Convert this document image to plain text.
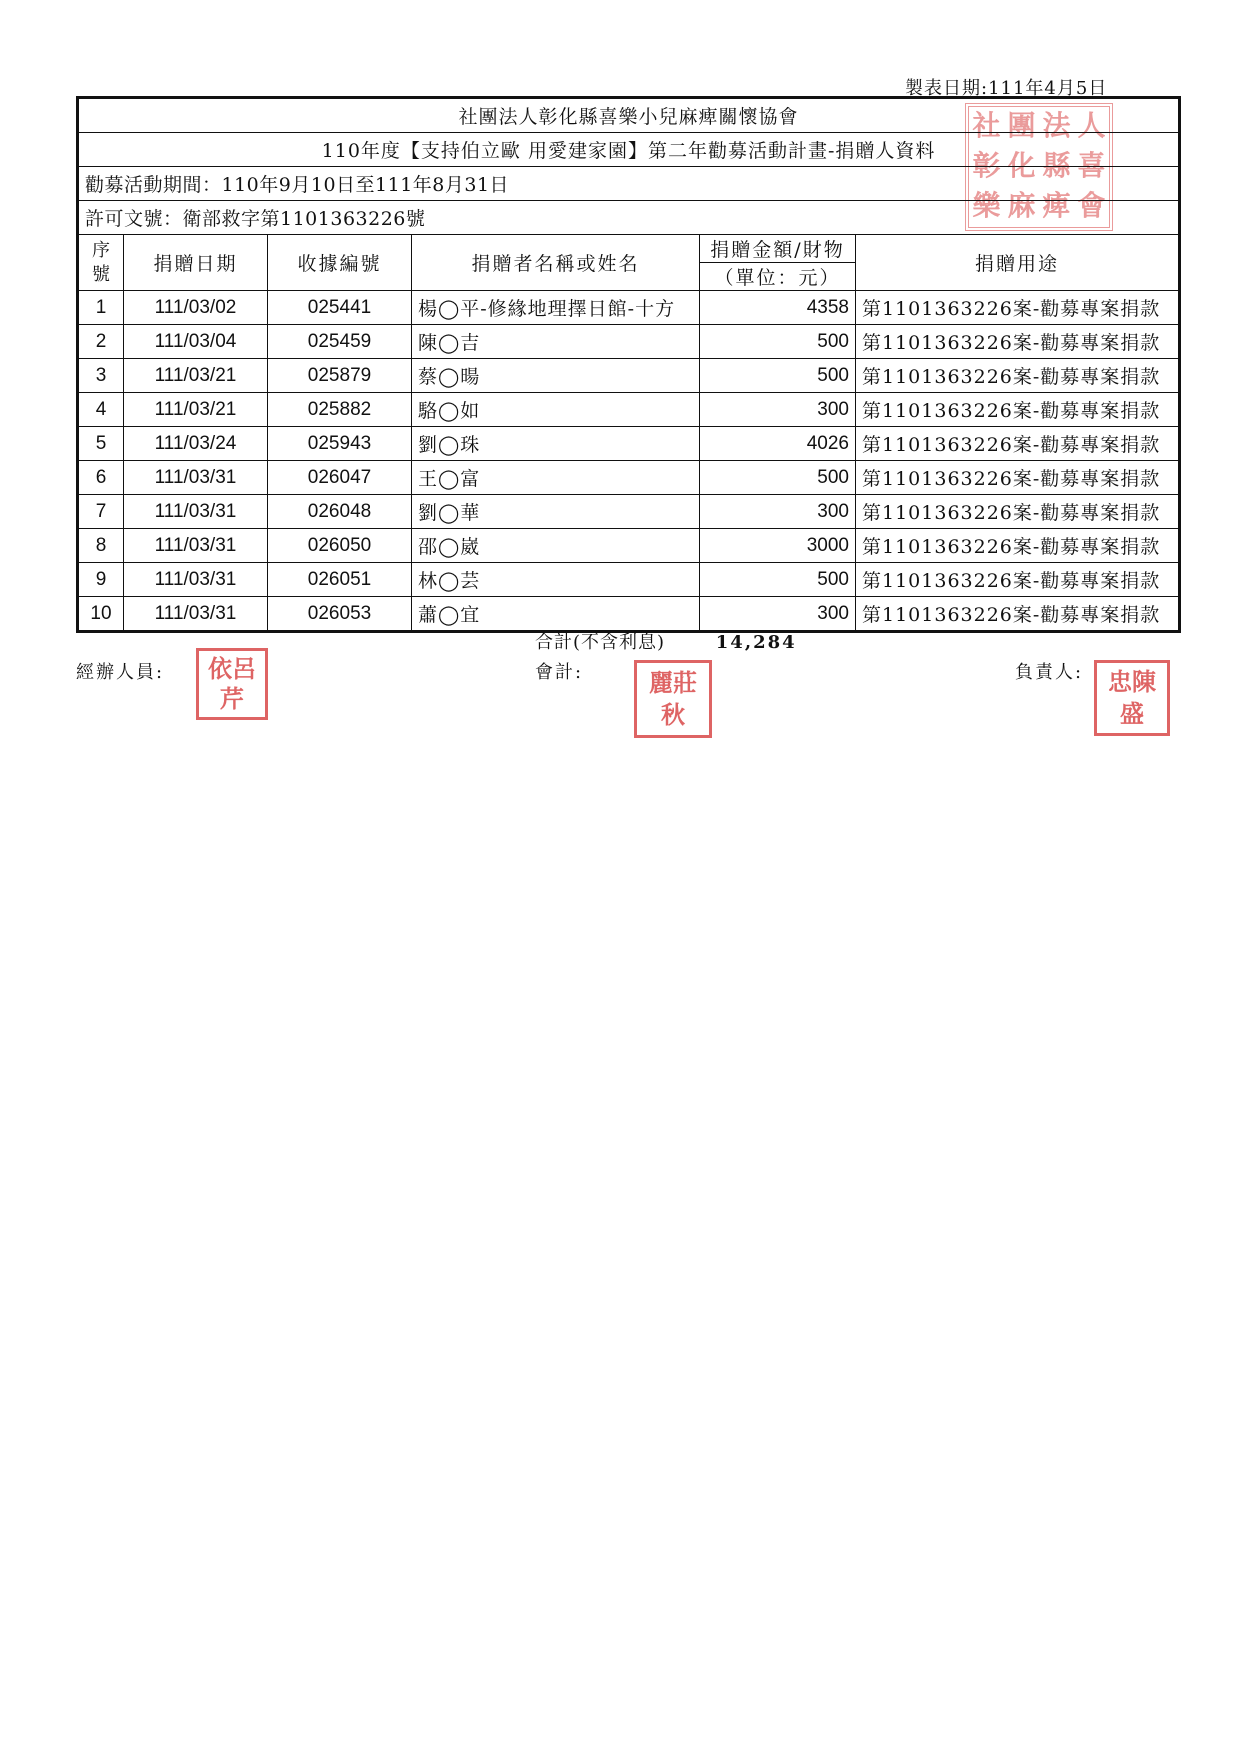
製表日期:111年4月5日
社 團 法 人
彰 化 縣 喜
樂 麻 痺 會
社團法人彰化縣喜樂小兒麻痺關懷協會					
110年度【支持伯立歐 用愛建家園】第二年勸募活動計畫-捐贈人資料					
勸募活動期間：110年9月10日至111年8月31日					
許可文號：衛部救字第1101363226號					
序號	捐贈日期	收據編號	捐贈者名稱或姓名	捐贈金額/財物	捐贈用途
				（單位：元）	
1	111/03/02	025441	楊◯平-修緣地理擇日館-十方	4358	第1101363226案-勸募專案捐款
2	111/03/04	025459	陳◯吉	500	第1101363226案-勸募專案捐款
3	111/03/21	025879	蔡◯暘	500	第1101363226案-勸募專案捐款
4	111/03/21	025882	駱◯如	300	第1101363226案-勸募專案捐款
5	111/03/24	025943	劉◯珠	4026	第1101363226案-勸募專案捐款
6	111/03/31	026047	王◯富	500	第1101363226案-勸募專案捐款
7	111/03/31	026048	劉◯華	300	第1101363226案-勸募專案捐款
8	111/03/31	026050	邵◯崴	3000	第1101363226案-勸募專案捐款
9	111/03/31	026051	林◯芸	500	第1101363226案-勸募專案捐款
10	111/03/31	026053	蕭◯宜	300	第1101363226案-勸募專案捐款
合計(不含利息)	14,284
經辦人員:	依呂
芹
會計:	麗莊
秋
負責人:	忠陳
盛
